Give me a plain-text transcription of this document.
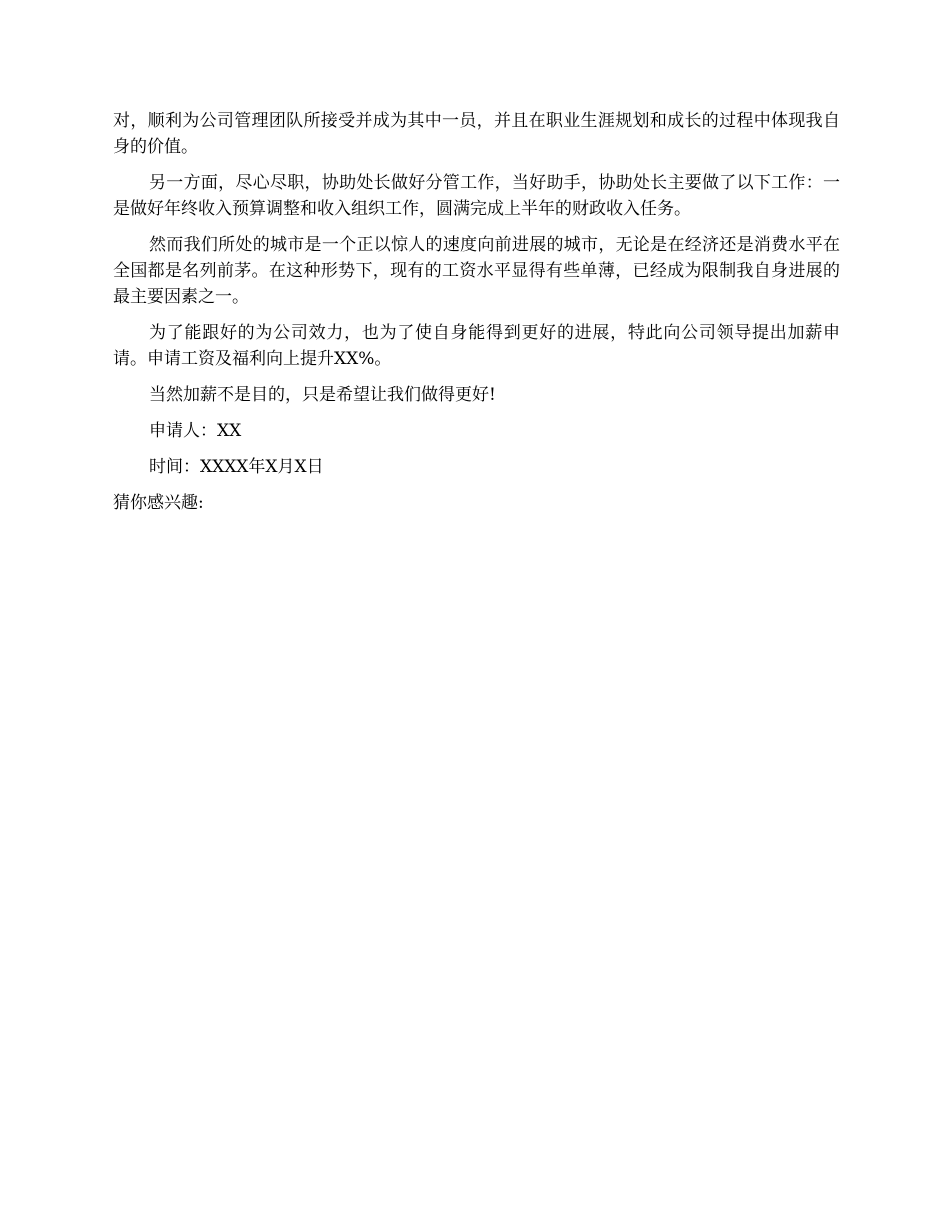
对，顺利为公司管理团队所接受并成为其中一员，并且在职业生涯规划和成长的过程中体现我自身的价值。

另一方面，尽心尽职，协助处长做好分管工作，当好助手，协助处长主要做了以下工作：一是做好年终收入预算调整和收入组织工作，圆满完成上半年的财政收入任务。

然而我们所处的城市是一个正以惊人的速度向前进展的城市，无论是在经济还是消费水平在全国都是名列前茅。在这种形势下，现有的工资水平显得有些单薄，已经成为限制我自身进展的最主要因素之一。

为了能跟好的为公司效力，也为了使自身能得到更好的进展，特此向公司领导提出加薪申请。申请工资及福利向上提升XX%。

当然加薪不是目的，只是希望让我们做得更好!

申请人：XX

时间：XXXX年X月X日

猜你感兴趣:
